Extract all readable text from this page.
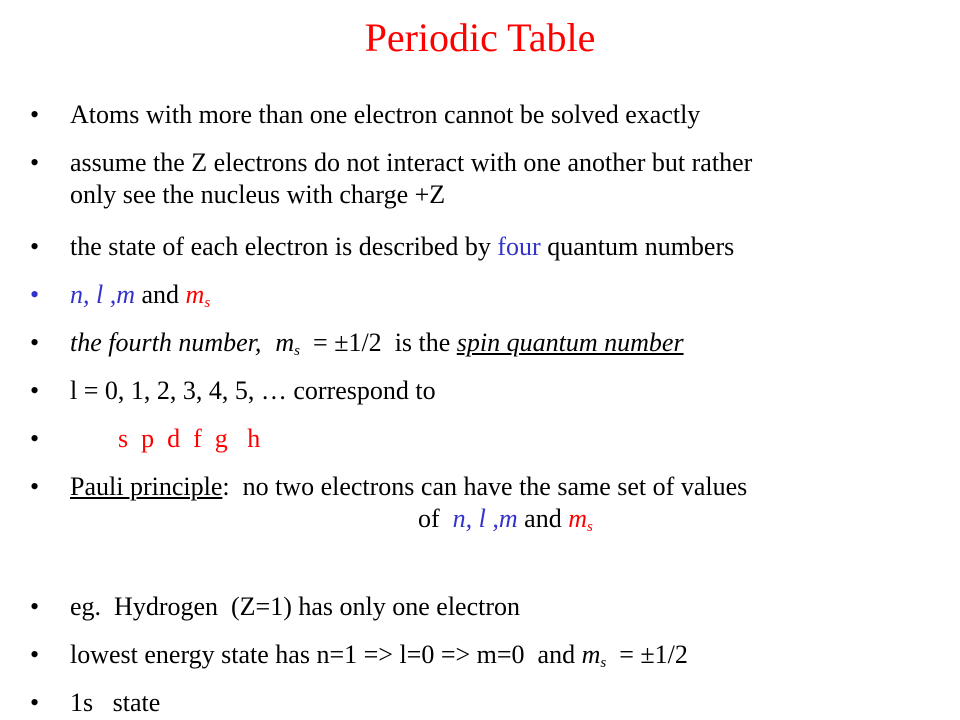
Periodic Table
• Atoms with more than one electron cannot be solved exactly
• assume the Z electrons do not interact with one another but rather
only see the nucleus with charge +Z
• the state of each electron is described by four quantum numbers
• n, l ,m and $m_s$
• the fourth number, $m_s = \pm 1/2$ is the spin quantum number
• l = 0, 1, 2, 3, 4, 5, … correspond to
•	s  p  d  f  g   h
• Pauli principle:  no two electrons can have the same set of values
of n, l ,m and $m_s$
• eg.  Hydrogen  (Z=1) has only one electron
• lowest energy state has n=1 => l=0 => m=0  and $m_s = \pm 1/2$
• 1s   state
